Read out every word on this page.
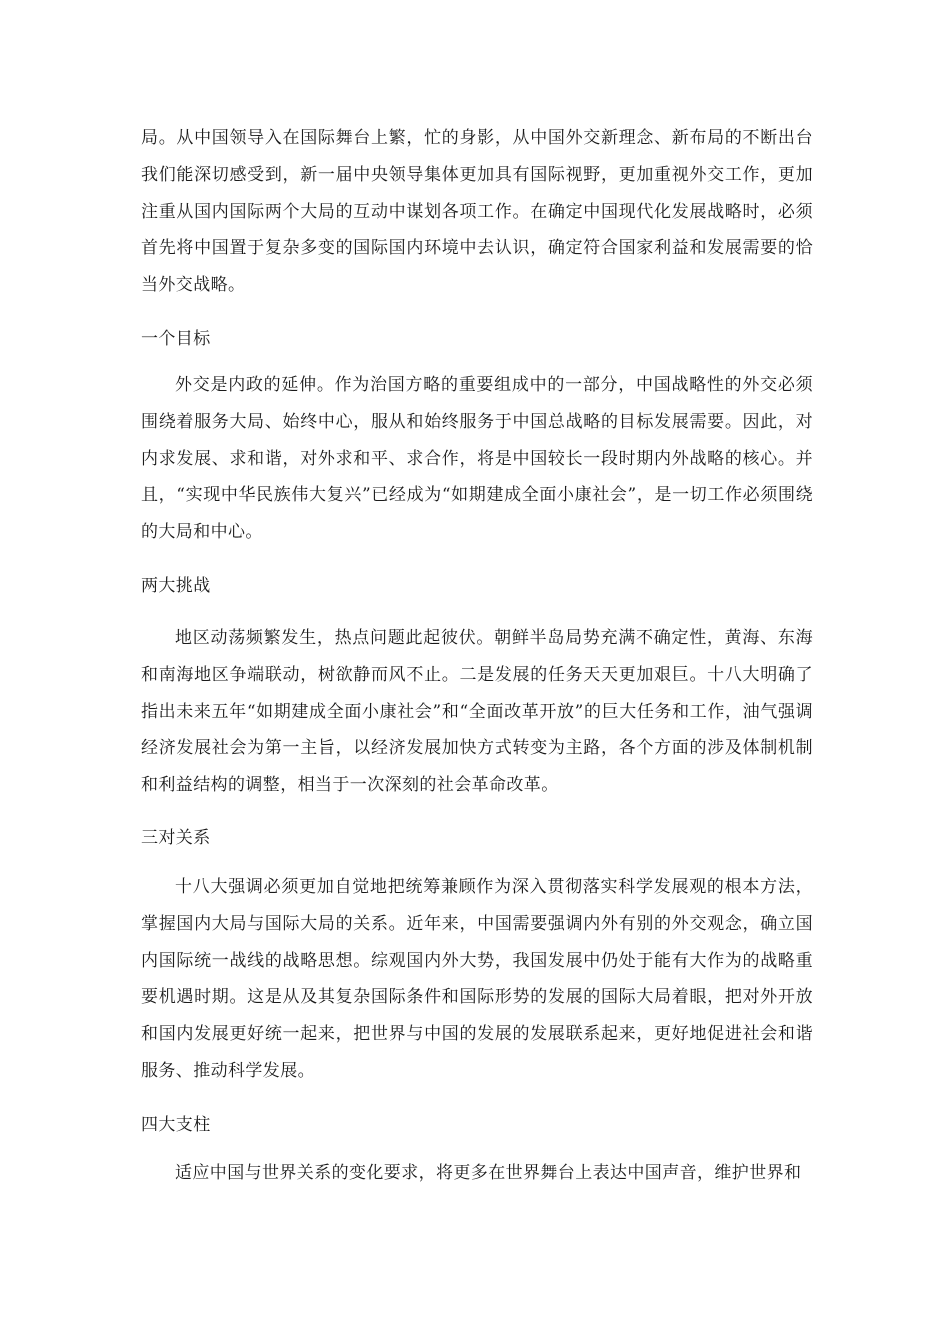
局。从中国领导入在国际舞台上繁，忙的身影，从中国外交新理念、新布局的不断出台我们能深切感受到，新一届中央领导集体更加具有国际视野，更加重视外交工作，更加注重从国内国际两个大局的互动中谋划各项工作。在确定中国现代化发展战略时，必须首先将中国置于复杂多变的国际国内环境中去认识，确定符合国家利益和发展需要的恰当外交战略。

一个目标

外交是内政的延伸。作为治国方略的重要组成中的一部分，中国战略性的外交必须围绕着服务大局、始终中心，服从和始终服务于中国总战略的目标发展需要。因此，对内求发展、求和谐，对外求和平、求合作，将是中国较长一段时期内外战略的核心。并且，“实现中华民族伟大复兴”已经成为“如期建成全面小康社会”，是一切工作必须围绕的大局和中心。

两大挑战

地区动荡频繁发生，热点问题此起彼伏。朝鲜半岛局势充满不确定性，黄海、东海和南海地区争端联动，树欲静而风不止。二是发展的任务天天更加艰巨。十八大明确了指出未来五年“如期建成全面小康社会”和“全面改革开放”的巨大任务和工作，油气强调经济发展社会为第一主旨，以经济发展加快方式转变为主路，各个方面的涉及体制机制和利益结构的调整，相当于一次深刻的社会革命改革。

三对关系

十八大强调必须更加自觉地把统筹兼顾作为深入贯彻落实科学发展观的根本方法，掌握国内大局与国际大局的关系。近年来，中国需要强调内外有别的外交观念，确立国内国际统一战线的战略思想。综观国内外大势，我国发展中仍处于能有大作为的战略重要机遇时期。这是从及其复杂国际条件和国际形势的发展的国际大局着眼，把对外开放和国内发展更好统一起来，把世界与中国的发展的发展联系起来，更好地促进社会和谐服务、推动科学发展。

四大支柱

适应中国与世界关系的变化要求，将更多在世界舞台上表达中国声音，维护世界和
